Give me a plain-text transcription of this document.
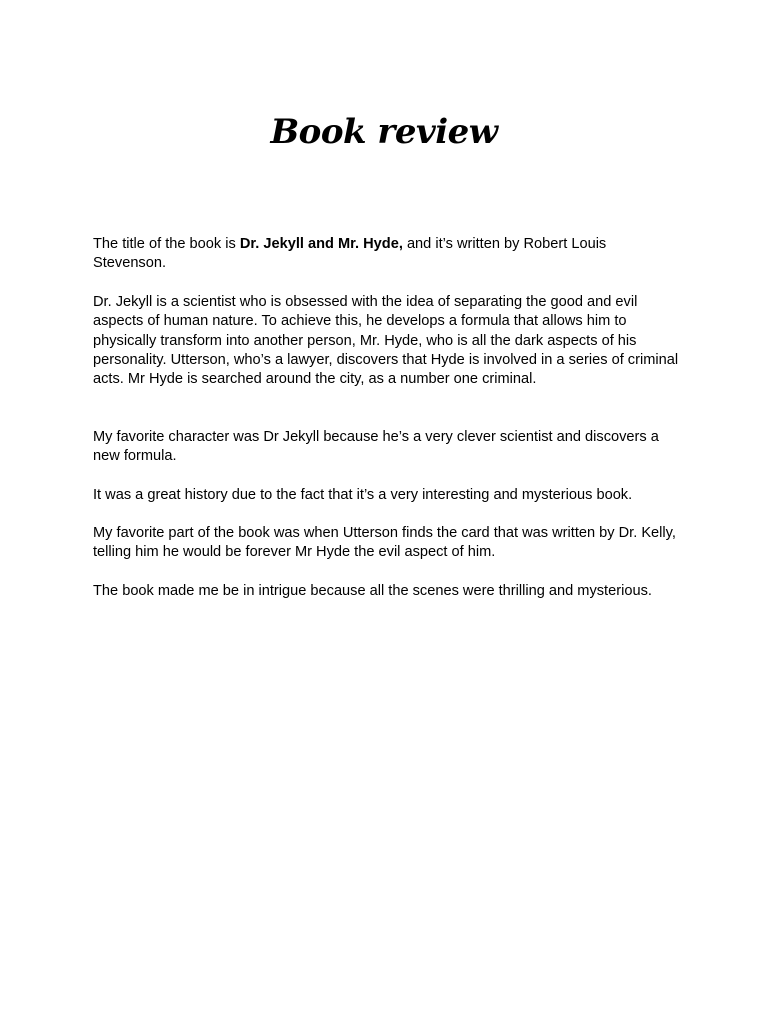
Book review

The title of the book is Dr. Jekyll and Mr. Hyde, and it’s written by Robert Louis Stevenson.

Dr. Jekyll is a scientist who is obsessed with the idea of separating the good and evil aspects of human nature. To achieve this, he develops a formula that allows him to physically transform into another person, Mr. Hyde, who is all the dark aspects of his personality. Utterson, who’s a lawyer, discovers that Hyde is involved in a series of criminal acts. Mr Hyde is searched around the city, as a number one criminal.

My favorite character was Dr Jekyll because he’s a very clever scientist and discovers a new formula.

It was a great history due to the fact that it’s a very interesting and mysterious book.

My favorite part of the book was when Utterson finds the card that was written by Dr. Kelly, telling him he would be forever Mr Hyde the evil aspect of him.

The book made me be in intrigue because all the scenes were thrilling and mysterious.
